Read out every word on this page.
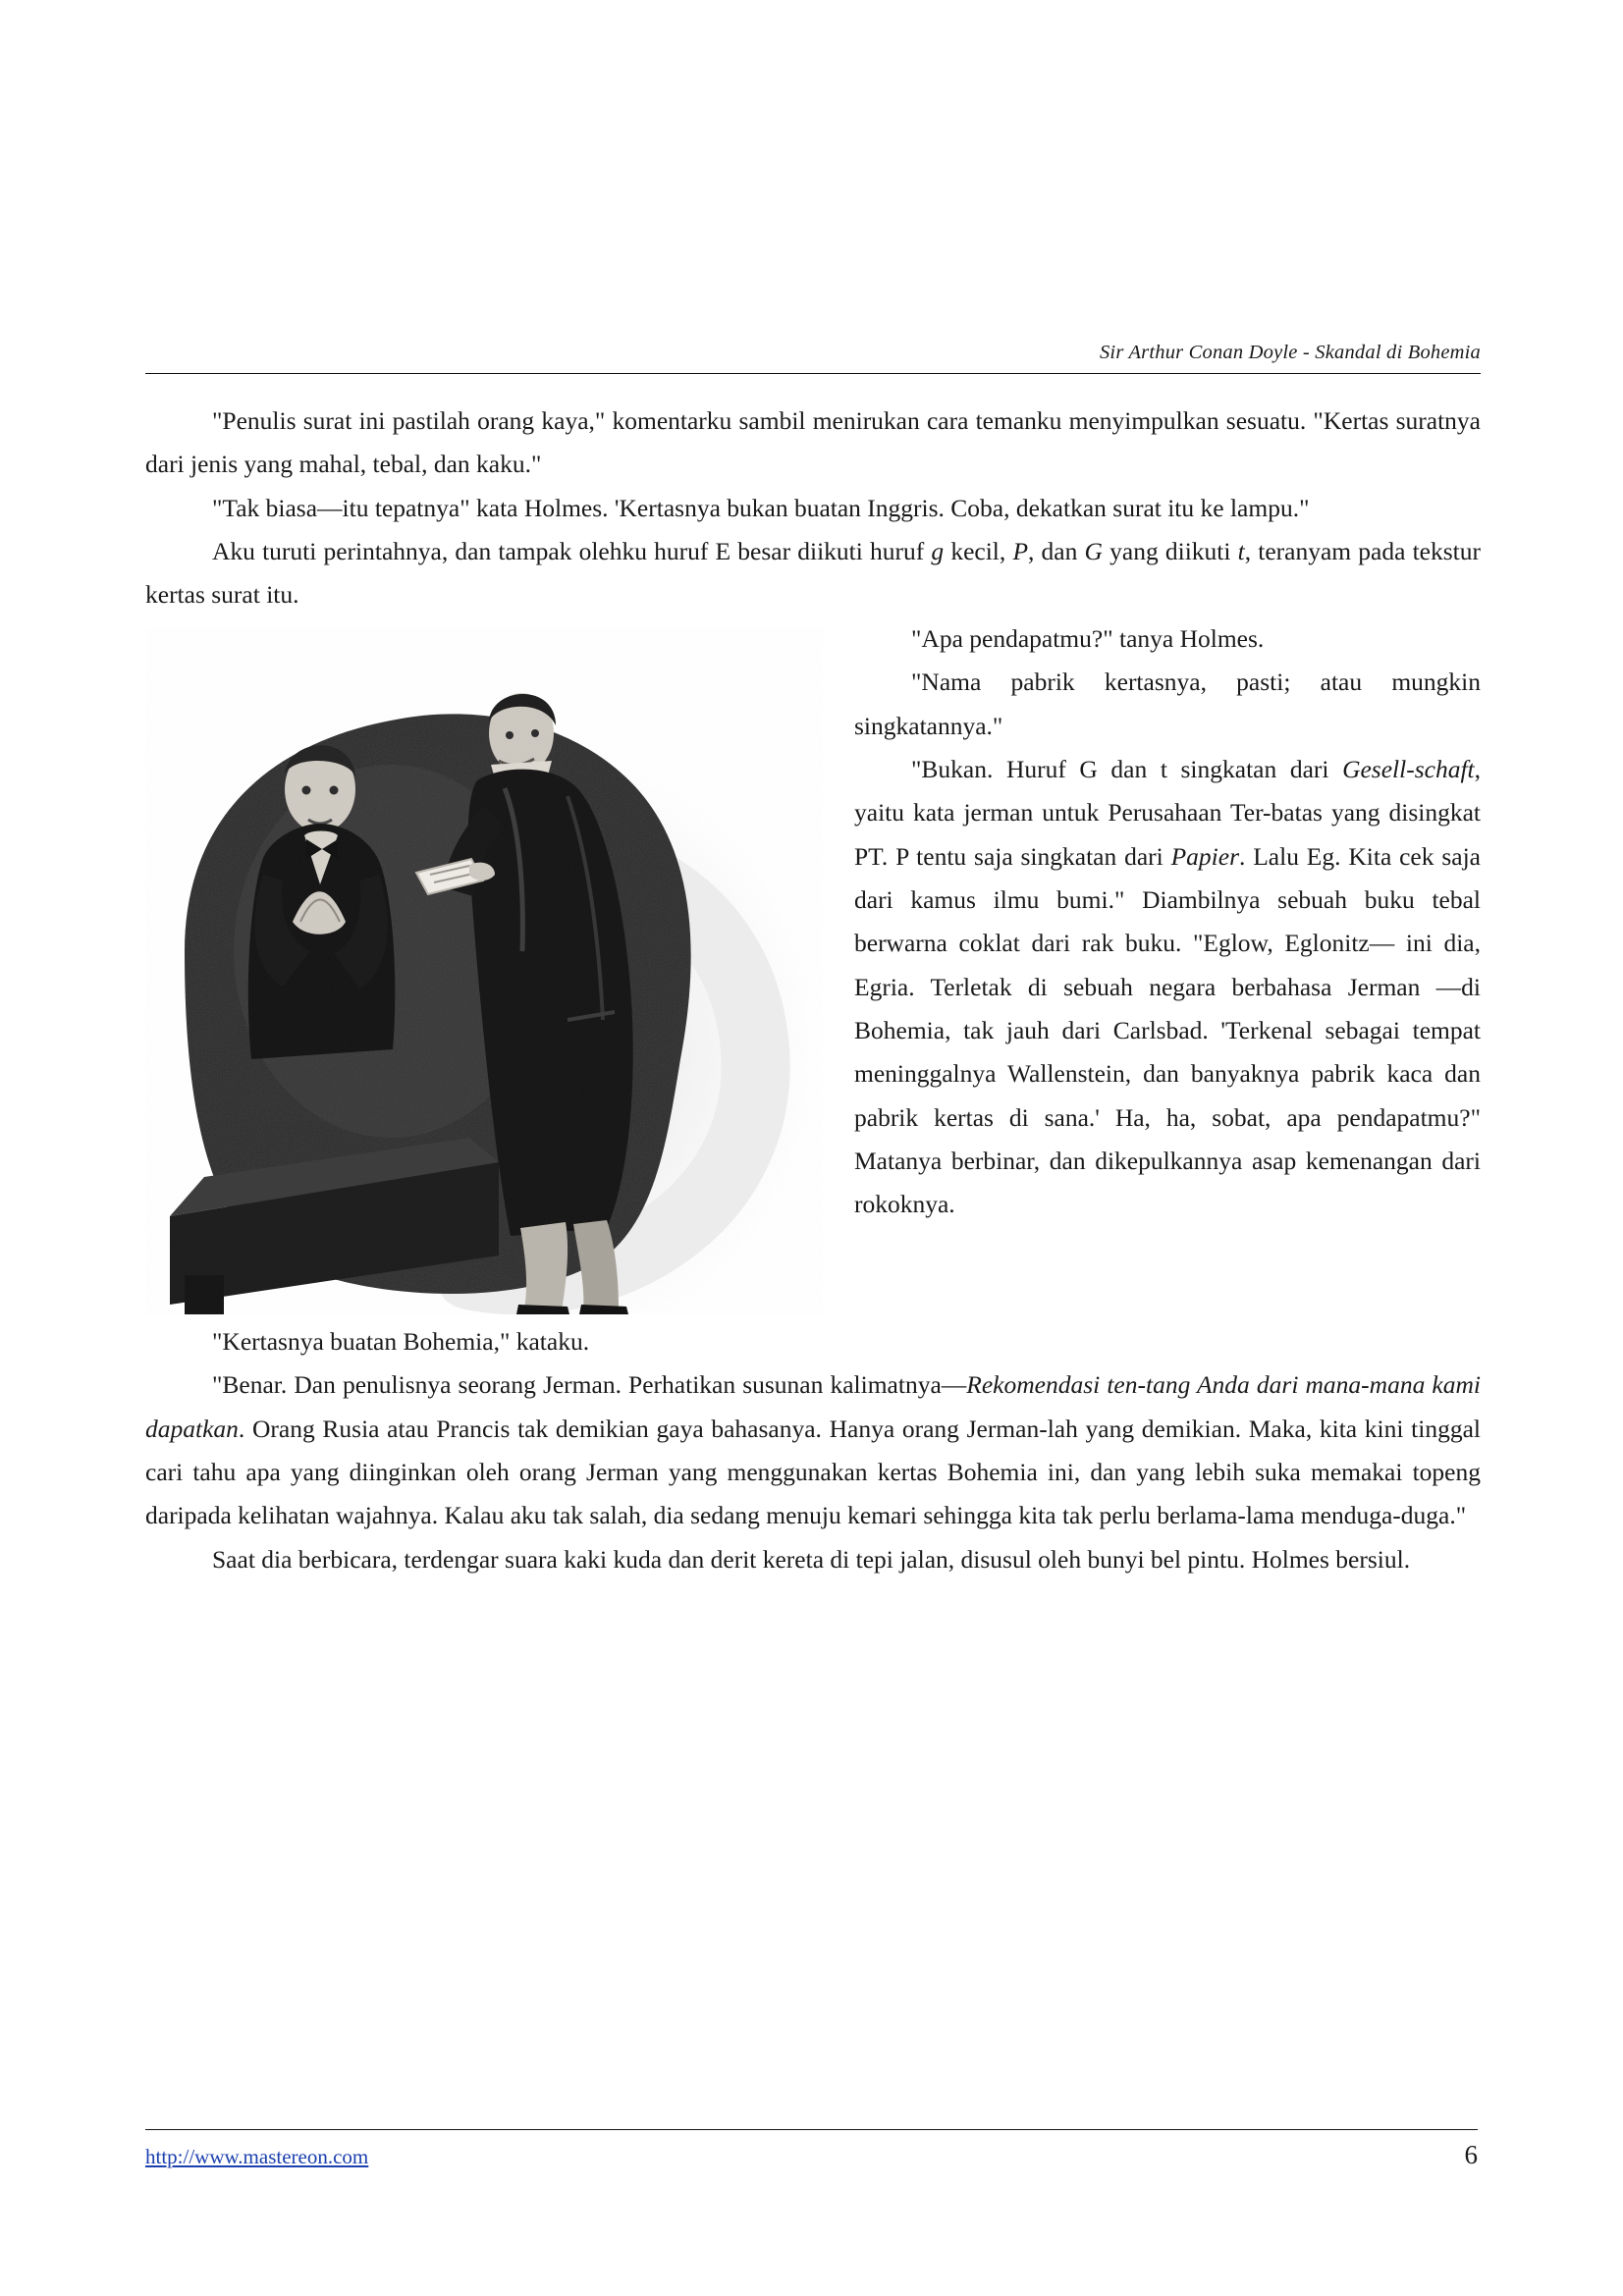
Sir Arthur Conan Doyle - Skandal di Bohemia

"Penulis surat ini pastilah orang kaya," komentarku sambil menirukan cara temanku menyimpulkan sesuatu. "Kertas suratnya dari jenis yang mahal, tebal, dan kaku."

"Tak biasa—itu tepatnya" kata Holmes. 'Kertasnya bukan buatan Inggris. Coba, dekatkan surat itu ke lampu."

Aku turuti perintahnya, dan tampak olehku huruf E besar diikuti huruf g kecil, P, dan G yang diikuti t, teranyam pada tekstur kertas surat itu.

"Apa pendapatmu?" tanya Holmes.

"Nama pabrik kertasnya, pasti; atau mungkin singkatannya."

"Bukan. Huruf G dan t singkatan dari Gesell-schaft, yaitu kata jerman untuk Perusahaan Ter-batas yang disingkat PT. P tentu saja singkatan dari Papier. Lalu Eg. Kita cek saja dari kamus ilmu bumi." Diambilnya sebuah buku tebal berwarna coklat dari rak buku. "Eglow, Eglonitz— ini dia, Egria. Terletak di sebuah negara berbahasa Jerman —di Bohemia, tak jauh dari Carlsbad. 'Terkenal sebagai tempat meninggalnya Wallenstein, dan banyaknya pabrik kaca dan pabrik kertas di sana.' Ha, ha, sobat, apa pendapatmu?" Matanya berbinar, dan dikepulkannya asap kemenangan dari rokoknya.

"Kertasnya buatan Bohemia," kataku.

"Benar. Dan penulisnya seorang Jerman. Perhatikan susunan kalimatnya—Rekomendasi ten-tang Anda dari mana-mana kami dapatkan. Orang Rusia atau Prancis tak demikian gaya bahasanya. Hanya orang Jerman-lah yang demikian. Maka, kita kini tinggal cari tahu apa yang diinginkan oleh orang Jerman yang menggunakan kertas Bohemia ini, dan yang lebih suka memakai topeng daripada kelihatan wajahnya. Kalau aku tak salah, dia sedang menuju kemari sehingga kita tak perlu berlama-lama menduga-duga."

Saat dia berbicara, terdengar suara kaki kuda dan derit kereta di tepi jalan, disusul oleh bunyi bel pintu. Holmes bersiul.

http://www.mastereon.com	6
